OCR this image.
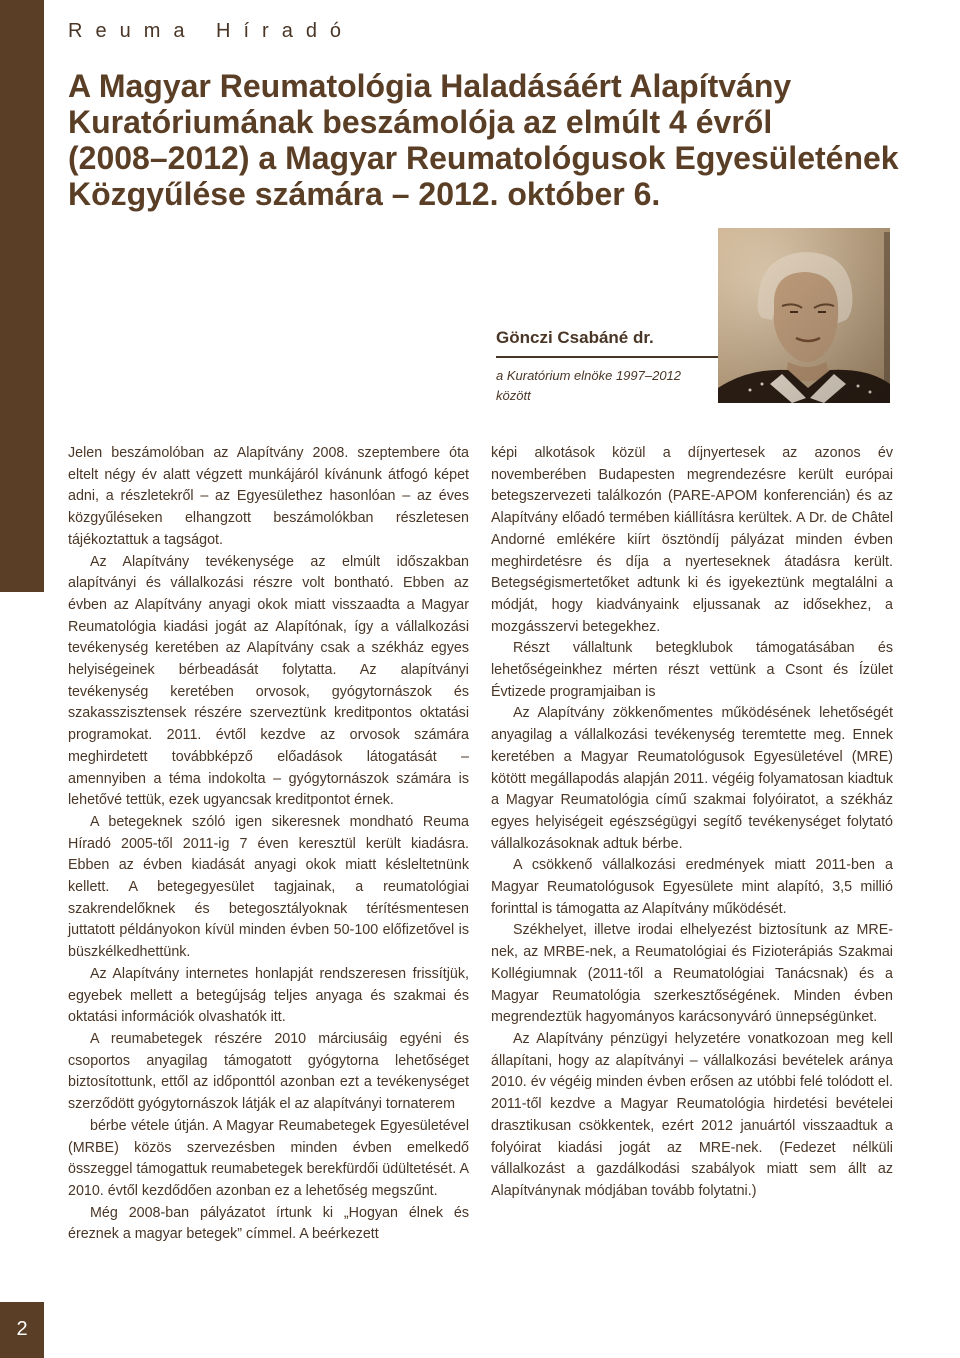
2
Reuma Híradó
A Magyar Reumatológia Haladásáért Alapítvány
Kuratóriumának beszámolója az elmúlt 4 évről
(2008–2012) a Magyar Reumatológusok Egyesületének
Közgyűlése számára – 2012. október 6.
Gönczi Csabáné dr.
a Kuratórium elnöke 1997–2012 között

Jelen beszámolóban az Alapítvány 2008. szeptembere óta eltelt négy év alatt végzett munkájáról kívánunk átfogó képet adni, a részletekről – az Egyesülethez hasonlóan – az éves közgyűléseken elhangzott beszámolókban részletesen tájékoztattuk a tagságot.

Az Alapítvány tevékenysége az elmúlt időszakban alapítványi és vállalkozási részre volt bontható. Ebben az évben az Alapítvány anyagi okok miatt visszaadta a Magyar Reumatológia kiadási jogát az Alapítónak, így a vállalkozási tevékenység keretében az Alapítvány csak a székház egyes helyiségeinek bérbeadását folytatta. Az alapítványi tevékenység keretében orvosok, gyógytornászok és szakasszisztensek részére szerveztünk kreditpontos oktatási programokat. 2011. évtől kezdve az orvosok számára meghirdetett továbbképző előadások látogatását – amennyiben a téma indokolta – gyógytornászok számára is lehetővé tettük, ezek ugyancsak kreditpontot érnek.

A betegeknek szóló igen sikeresnek mondható Reuma Híradó 2005-től 2011-ig 7 éven keresztül került kiadásra. Ebben az évben kiadását anyagi okok miatt késleltetnünk kellett. A betegegyesület tagjainak, a reumatológiai szakrendelőknek és betegosztályoknak térítésmentesen juttatott példányokon kívül minden évben 50-100 előfizetővel is büszkélkedhettünk.

Az Alapítvány internetes honlapját rendszeresen frissítjük, egyebek mellett a betegújság teljes anyaga és szakmai és oktatási információk olvashatók itt.

A reumabetegek részére 2010 márciusáig egyéni és csoportos anyagilag támogatott gyógytorna lehetőséget biztosítottunk, ettől az időponttól azonban ezt a tevékenységet szerződött gyógytornászok látják el az alapítványi tornaterem

bérbe vétele útján. A Magyar Reumabetegek Egyesületével (MRBE) közös szervezésben minden évben emelkedő összeggel támogattuk reumabetegek berekfürdői üdültetését. A 2010. évtől kezdődően azonban ez a lehetőség megszűnt.

Még 2008-ban pályázatot írtunk ki „Hogyan élnek és éreznek a magyar betegek” címmel. A beérkezett

képi alkotások közül a díjnyertesek az azonos év novemberében Budapesten megrendezésre került európai betegszervezeti találkozón (PARE-APOM konferencián) és az Alapítvány előadó termében kiállításra kerültek. A Dr. de Châtel Andorné emlékére kiírt ösztöndíj pályázat minden évben meghirdetésre és díja a nyerteseknek átadásra került. Betegségismertetőket adtunk ki és igyekeztünk megtalálni a módját, hogy kiadványaink eljussanak az idősekhez, a mozgásszervi betegekhez.

Részt vállaltunk betegklubok támogatásában és lehetőségeinkhez mérten részt vettünk a Csont és Ízület Évtizede programjaiban is

Az Alapítvány zökkenőmentes működésének lehetőségét anyagilag a vállalkozási tevékenység teremtette meg. Ennek keretében a Magyar Reumatológusok Egyesületével (MRE) kötött megállapodás alapján 2011. végéig folyamatosan kiadtuk a Magyar Reumatológia című szakmai folyóiratot, a székház egyes helyiségeit egészségügyi segítő tevékenységet folytató vállalkozásoknak adtuk bérbe.

A csökkenő vállalkozási eredmények miatt 2011-ben a Magyar Reumatológusok Egyesülete mint alapító, 3,5 millió forinttal is támogatta az Alapítvány működését.

Székhelyet, illetve irodai elhelyezést biztosítunk az MRE-nek, az MRBE-nek, a Reumatológiai és Fizioterápiás Szakmai Kollégiumnak (2011-től a Reumatológiai Tanácsnak) és a Magyar Reumatológia szerkesztőségének. Minden évben megrendeztük hagyományos karácsonyváró ünnepségünket.

Az Alapítvány pénzügyi helyzetére vonatkozoan meg kell állapítani, hogy az alapítványi – vállalkozási bevételek aránya 2010. év végéig minden évben erősen az utóbbi felé tolódott el. 2011-től kezdve a Magyar Reumatológia hirdetési bevételei drasztikusan csökkentek, ezért 2012 januártól visszaadtuk a folyóirat kiadási jogát az MRE-nek. (Fedezet nélküli vállalkozást a gazdálkodási szabályok miatt sem állt az Alapítványnak módjában tovább folytatni.)
